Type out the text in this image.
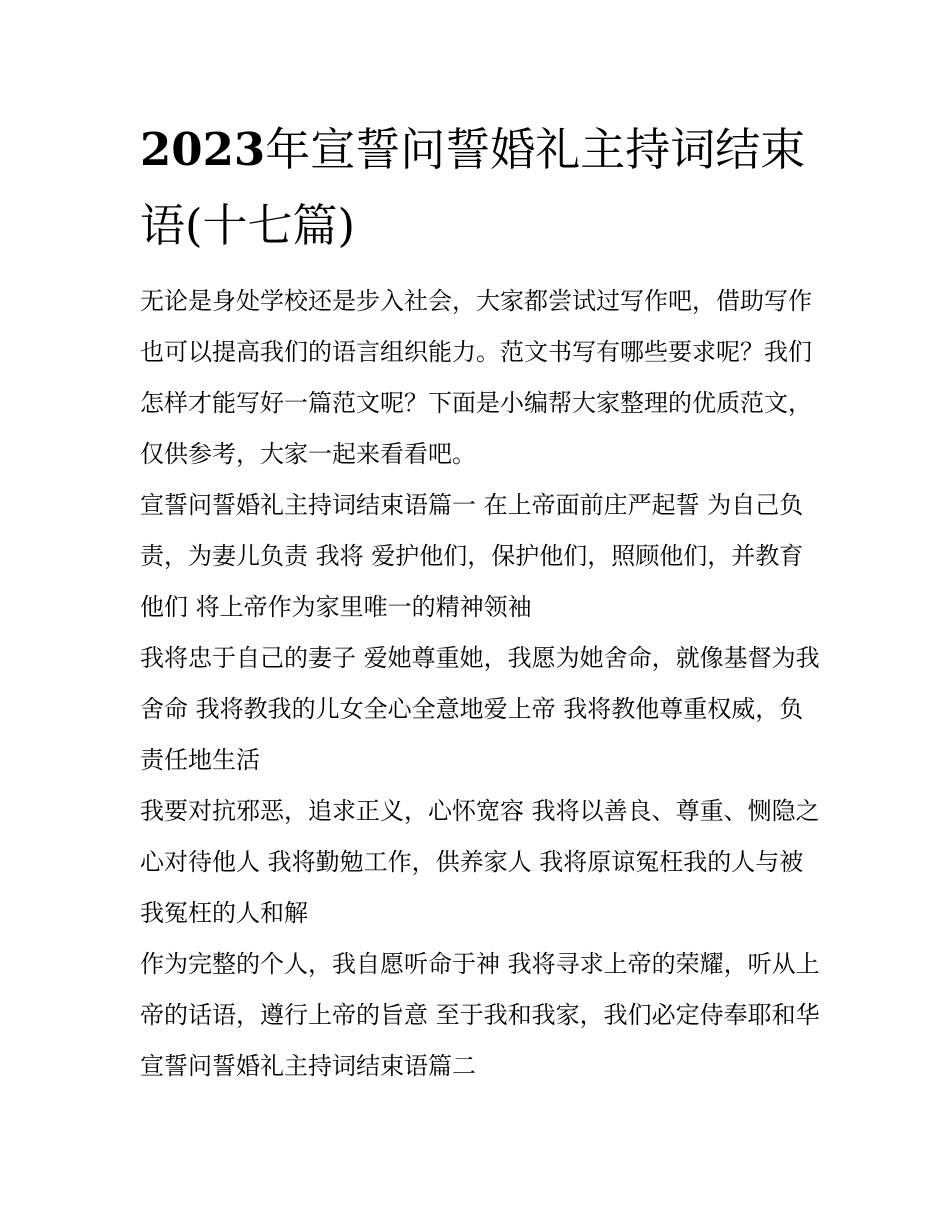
2023年宣誓问誓婚礼主持词结束语(十七篇)

无论是身处学校还是步入社会，大家都尝试过写作吧，借助写作也可以提高我们的语言组织能力。范文书写有哪些要求呢？我们怎样才能写好一篇范文呢？下面是小编帮大家整理的优质范文，仅供参考，大家一起来看看吧。

宣誓问誓婚礼主持词结束语篇一 在上帝面前庄严起誓 为自己负责，为妻儿负责 我将 爱护他们，保护他们，照顾他们，并教育他们 将上帝作为家里唯一的精神领袖

我将忠于自己的妻子 爱她尊重她，我愿为她舍命，就像基督为我舍命 我将教我的儿女全心全意地爱上帝 我将教他尊重权威，负责任地生活

我要对抗邪恶，追求正义，心怀宽容 我将以善良、尊重、恻隐之心对待他人 我将勤勉工作，供养家人 我将原谅冤枉我的人与被我冤枉的人和解

作为完整的个人，我自愿听命于神 我将寻求上帝的荣耀，听从上帝的话语，遵行上帝的旨意 至于我和我家，我们必定侍奉耶和华 宣誓问誓婚礼主持词结束语篇二
